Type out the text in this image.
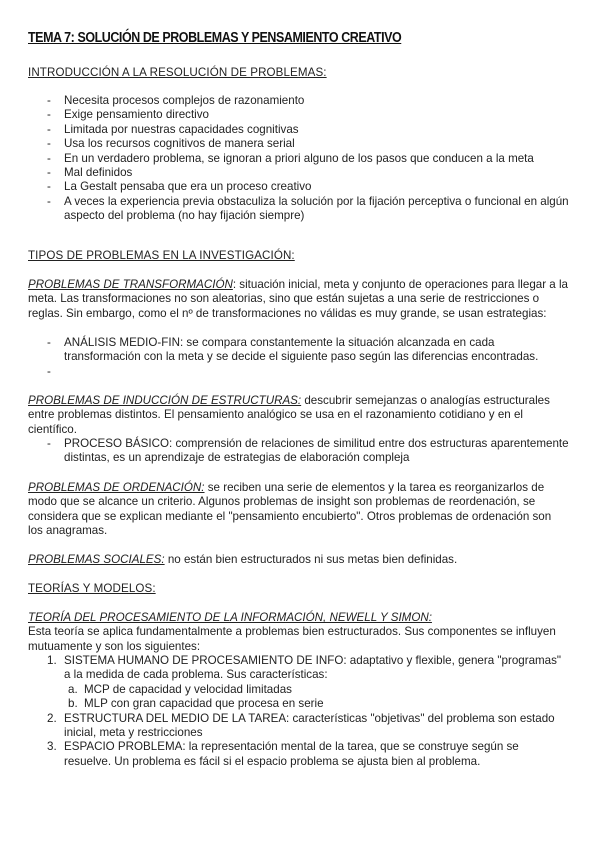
TEMA 7: SOLUCIÓN DE PROBLEMAS Y PENSAMIENTO CREATIVO
INTRODUCCIÓN A LA RESOLUCIÓN DE PROBLEMAS:
- Necesita procesos complejos de razonamiento
- Exige pensamiento directivo
- Limitada por nuestras capacidades cognitivas
- Usa los recursos cognitivos de manera serial
- En un verdadero problema, se ignoran a priori alguno de los pasos que conducen a la meta
- Mal definidos
- La Gestalt pensaba que era un proceso creativo
- A veces la experiencia previa obstaculiza la solución por la fijación perceptiva o funcional en algún aspecto del problema (no hay fijación siempre)
TIPOS DE PROBLEMAS EN LA INVESTIGACIÓN:
PROBLEMAS DE TRANSFORMACIÓN: situación inicial, meta y conjunto de operaciones para llegar a la meta. Las transformaciones no son aleatorias, sino que están sujetas a una serie de restricciones o reglas. Sin embargo, como el nº de transformaciones no válidas es muy grande, se usan estrategias:
- ANÁLISIS MEDIO-FIN: se compara constantemente la situación alcanzada en cada transformación con la meta y se decide el siguiente paso según las diferencias encontradas.
-
PROBLEMAS DE INDUCCIÓN DE ESTRUCTURAS: descubrir semejanzas o analogías estructurales entre problemas distintos. El pensamiento analógico se usa en el razonamiento cotidiano y en el científico.
- PROCESO BÁSICO: comprensión de relaciones de similitud entre dos estructuras aparentemente distintas, es un aprendizaje de estrategias de elaboración compleja
PROBLEMAS DE ORDENACIÓN: se reciben una serie de elementos y la tarea es reorganizarlos de modo que se alcance un criterio. Algunos problemas de insight son problemas de reordenación, se considera que se explican mediante el "pensamiento encubierto". Otros problemas de ordenación son los anagramas.
PROBLEMAS SOCIALES: no están bien estructurados ni sus metas bien definidas.
TEORÍAS Y MODELOS:
TEORÍA DEL PROCESAMIENTO DE LA INFORMACIÓN, NEWELL Y SIMON:
Esta teoría se aplica fundamentalmente a problemas bien estructurados. Sus componentes se influyen mutuamente y son los siguientes:
1. SISTEMA HUMANO DE PROCESAMIENTO DE INFO: adaptativo y flexible, genera "programas" a la medida de cada problema. Sus características:
a. MCP de capacidad y velocidad limitadas
b. MLP con gran capacidad que procesa en serie
2. ESTRUCTURA DEL MEDIO DE LA TAREA: características "objetivas" del problema son estado inicial, meta y restricciones
3. ESPACIO PROBLEMA: la representación mental de la tarea, que se construye según se resuelve. Un problema es fácil si el espacio problema se ajusta bien al problema.
